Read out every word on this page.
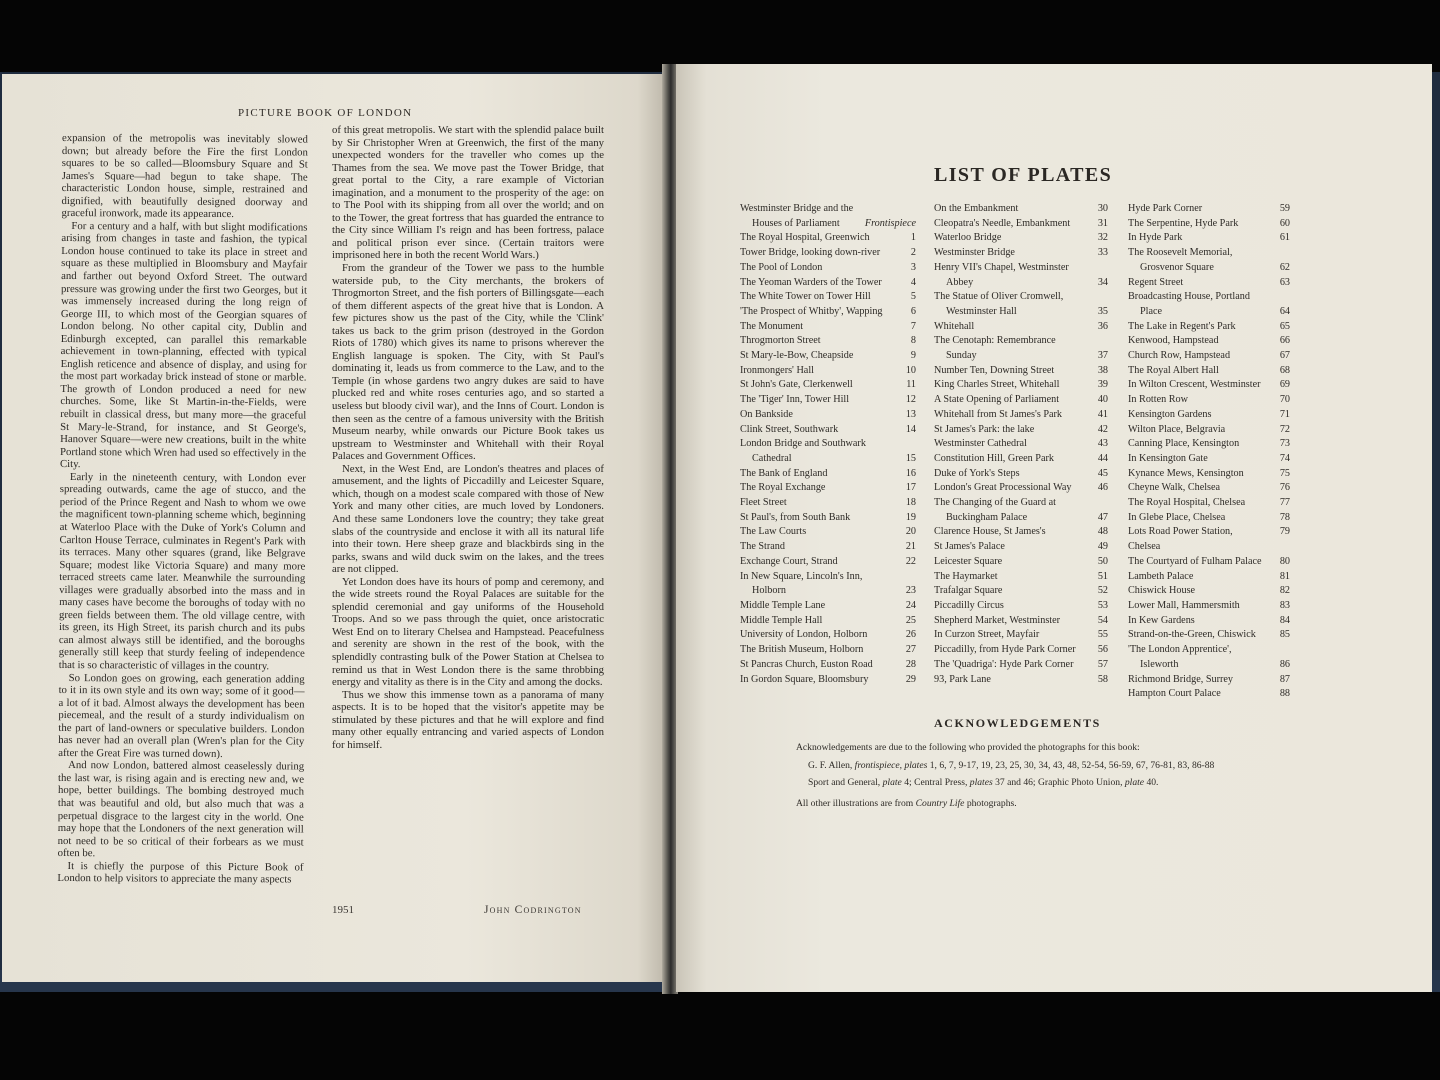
PICTURE BOOK OF LONDON

expansion of the metropolis was inevitably slowed down; but already before the Fire the first London squares to be so called—Bloomsbury Square and St James's Square—had begun to take shape. The characteristic London house, simple, restrained and dignified, with beautifully designed doorway and graceful ironwork, made its appearance.

For a century and a half, with but slight modifications arising from changes in taste and fashion, the typical London house continued to take its place in street and square as these multiplied in Bloomsbury and Mayfair and farther out beyond Oxford Street. The outward pressure was growing under the first two Georges, but it was immensely increased during the long reign of George III, to which most of the Georgian squares of London belong. No other capital city, Dublin and Edinburgh excepted, can parallel this remarkable achievement in town-planning, effected with typical English reticence and absence of display, and using for the most part workaday brick instead of stone or marble. The growth of London produced a need for new churches. Some, like St Martin-in-the-Fields, were rebuilt in classical dress, but many more—the graceful St Mary-le-Strand, for instance, and St George's, Hanover Square—were new creations, built in the white Portland stone which Wren had used so effectively in the City.

Early in the nineteenth century, with London ever spreading outwards, came the age of stucco, and the period of the Prince Regent and Nash to whom we owe the magnificent town-planning scheme which, beginning at Waterloo Place with the Duke of York's Column and Carlton House Terrace, culminates in Regent's Park with its terraces. Many other squares (grand, like Belgrave Square; modest like Victoria Square) and many more terraced streets came later. Meanwhile the surrounding villages were gradually absorbed into the mass and in many cases have become the boroughs of today with no green fields between them. The old village centre, with its green, its High Street, its parish church and its pubs can almost always still be identified, and the boroughs generally still keep that sturdy feeling of independence that is so characteristic of villages in the country.

So London goes on growing, each generation adding to it in its own style and its own way; some of it good—a lot of it bad. Almost always the development has been piecemeal, and the result of a sturdy individualism on the part of land-owners or speculative builders. London has never had an overall plan (Wren's plan for the City after the Great Fire was turned down).

And now London, battered almost ceaselessly during the last war, is rising again and is erecting new and, we hope, better buildings. The bombing destroyed much that was beautiful and old, but also much that was a perpetual disgrace to the largest city in the world. One may hope that the Londoners of the next generation will not need to be so critical of their forbears as we must often be.

It is chiefly the purpose of this Picture Book of London to help visitors to appreciate the many aspects

of this great metropolis. We start with the splendid palace built by Sir Christopher Wren at Greenwich, the first of the many unexpected wonders for the traveller who comes up the Thames from the sea. We move past the Tower Bridge, that great portal to the City, a rare example of Victorian imagination, and a monument to the prosperity of the age: on to The Pool with its shipping from all over the world; and on to the Tower, the great fortress that has guarded the entrance to the City since William I's reign and has been fortress, palace and political prison ever since. (Certain traitors were imprisoned here in both the recent World Wars.)

From the grandeur of the Tower we pass to the humble waterside pub, to the City merchants, the brokers of Throgmorton Street, and the fish porters of Billingsgate—each of them different aspects of the great hive that is London. A few pictures show us the past of the City, while the 'Clink' takes us back to the grim prison (destroyed in the Gordon Riots of 1780) which gives its name to prisons wherever the English language is spoken. The City, with St Paul's dominating it, leads us from commerce to the Law, and to the Temple (in whose gardens two angry dukes are said to have plucked red and white roses centuries ago, and so started a useless but bloody civil war), and the Inns of Court. London is then seen as the centre of a famous university with the British Museum nearby, while onwards our Picture Book takes us upstream to Westminster and Whitehall with their Royal Palaces and Government Offices.

Next, in the West End, are London's theatres and places of amusement, and the lights of Piccadilly and Leicester Square, which, though on a modest scale compared with those of New York and many other cities, are much loved by Londoners. And these same Londoners love the country; they take great slabs of the countryside and enclose it with all its natural life into their town. Here sheep graze and blackbirds sing in the parks, swans and wild duck swim on the lakes, and the trees are not clipped.

Yet London does have its hours of pomp and ceremony, and the wide streets round the Royal Palaces are suitable for the splendid ceremonial and gay uniforms of the Household Troops. And so we pass through the quiet, once aristocratic West End on to literary Chelsea and Hampstead. Peacefulness and serenity are shown in the rest of the book, with the splendidly contrasting bulk of the Power Station at Chelsea to remind us that in West London there is the same throbbing energy and vitality as there is in the City and among the docks.

Thus we show this immense town as a panorama of many aspects. It is to be hoped that the visitor's appetite may be stimulated by these pictures and that he will explore and find many other equally entrancing and varied aspects of London for himself.

1951	John Codrington
LIST OF PLATES
Westminster Bridge and the
Houses of Parliament	Frontispiece
The Royal Hospital, Greenwich	1
Tower Bridge, looking down-river	2
The Pool of London	3
The Yeoman Warders of the Tower	4
The White Tower on Tower Hill	5
'The Prospect of Whitby', Wapping	6
The Monument	7
Throgmorton Street	8
St Mary-le-Bow, Cheapside	9
Ironmongers' Hall	10
St John's Gate, Clerkenwell	11
The 'Tiger' Inn, Tower Hill	12
On Bankside	13
Clink Street, Southwark	14
London Bridge and Southwark
Cathedral	15
The Bank of England	16
The Royal Exchange	17
Fleet Street	18
St Paul's, from South Bank	19
The Law Courts	20
The Strand	21
Exchange Court, Strand	22
In New Square, Lincoln's Inn,
Holborn	23
Middle Temple Lane	24
Middle Temple Hall	25
University of London, Holborn	26
The British Museum, Holborn	27
St Pancras Church, Euston Road	28
In Gordon Square, Bloomsbury	29
On the Embankment	30
Cleopatra's Needle, Embankment	31
Waterloo Bridge	32
Westminster Bridge	33
Henry VII's Chapel, Westminster
Abbey	34
The Statue of Oliver Cromwell,
Westminster Hall	35
Whitehall	36
The Cenotaph: Remembrance
Sunday	37
Number Ten, Downing Street	38
King Charles Street, Whitehall	39
A State Opening of Parliament	40
Whitehall from St James's Park	41
St James's Park: the lake	42
Westminster Cathedral	43
Constitution Hill, Green Park	44
Duke of York's Steps	45
London's Great Processional Way	46
The Changing of the Guard at
Buckingham Palace	47
Clarence House, St James's	48
St James's Palace	49
Leicester Square	50
The Haymarket	51
Trafalgar Square	52
Piccadilly Circus	53
Shepherd Market, Westminster	54
In Curzon Street, Mayfair	55
Piccadilly, from Hyde Park Corner	56
The 'Quadriga': Hyde Park Corner	57
93, Park Lane	58
Hyde Park Corner	59
The Serpentine, Hyde Park	60
In Hyde Park	61
The Roosevelt Memorial,
Grosvenor Square	62
Regent Street	63
Broadcasting House, Portland
Place	64
The Lake in Regent's Park	65
Kenwood, Hampstead	66
Church Row, Hampstead	67
The Royal Albert Hall	68
In Wilton Crescent, Westminster	69
In Rotten Row	70
Kensington Gardens	71
Wilton Place, Belgravia	72
Canning Place, Kensington	73
In Kensington Gate	74
Kynance Mews, Kensington	75
Cheyne Walk, Chelsea	76
The Royal Hospital, Chelsea	77
In Glebe Place, Chelsea	78
Lots Road Power Station, Chelsea
79
The Courtyard of Fulham Palace	80
Lambeth Palace	81
Chiswick House	82
Lower Mall, Hammersmith	83
In Kew Gardens	84
Strand-on-the-Green, Chiswick	85
'The London Apprentice',
Isleworth	86
Richmond Bridge, Surrey	87
Hampton Court Palace	88
ACKNOWLEDGEMENTS
Acknowledgements are due to the following who provided the photographs for this book:
G. F. Allen, frontispiece, plates 1, 6, 7, 9-17, 19, 23, 25, 30, 34, 43, 48, 52-54, 56-59, 67, 76-81, 83, 86-88
Sport and General, plate 4; Central Press, plates 37 and 46; Graphic Photo Union, plate 40.
All other illustrations are from Country Life photographs.
